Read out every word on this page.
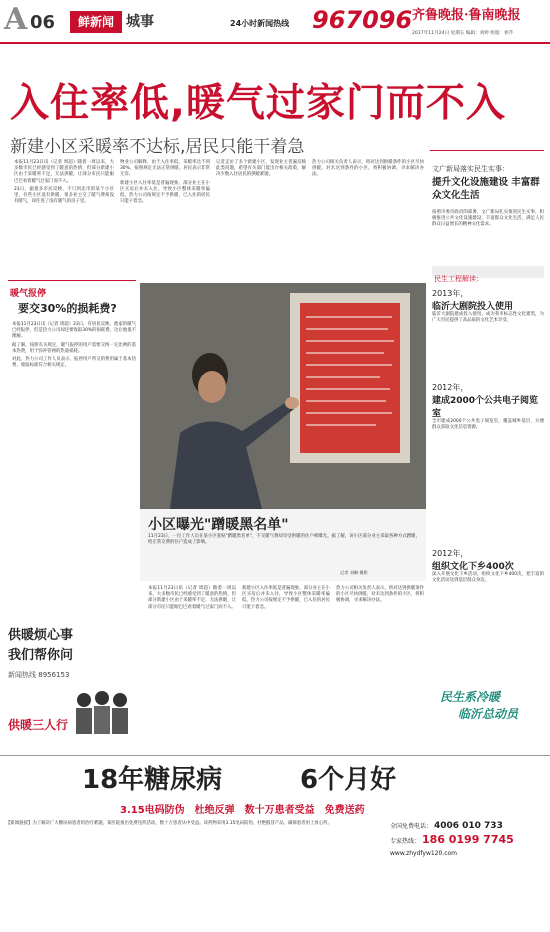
A 06	鲜新闻 城事	24小时新闻热线 967096 齐鲁晚报·鲁南晚报
2017年11月24日 星期五 编辑：刘婷 组版：侯芹
入住率低,暖气过家门而不入
新建小区采暖率不达标,居民只能干着急

本报11月23日讯（记者 周超）随着一周以来，大多数市民已经感受到了暖意的热情，但部分新建小区由于采暖率不足，无法供暖，让部分市民只能眼巴巴看着暖气过家门而不入。

23日，据很多市民反映，不只到北市的某个小区里，有些小区没有供暖，很多业主交了暖气费却没有暖气，却住进了没有暖气的房子里。

物业公司解释，由于入住率低，采暖率达不到30%，按照规定无法正常供暖。居民表示非常无奈。

新建小区入住率低是普遍现象，部分业主在小区买房后并未入住，导致小区整体采暖率偏低，热力公司按规定不予供暖，已入住的居民只能干着急。

记者走访了多个新建小区，发现业主普遍反映此类问题，希望有关部门能出台相关政策，解决少数入住居民的供暖难题。

热力公司相关负责人表示，将对达到供暖条件的小区尽快供暖，对未达到条件的小区，将积极协调，寻求解决办法。

暖气报停
要交30%的损耗费?

本报11月23日讯（记者 周超）23日，有居民反映，他家的暖气已经报停，但是热力公司却还要收取30%的损耗费，这让他很不理解。

据了解，按照有关规定，暖气报停的用户需要交纳一定比例的基本热费，用于弥补管网的热量损耗。

对此，热力公司工作人员表示，报停用户所交的费用属于基本热费，收取标准符合相关规定。

小区曝光"蹭暖黑名单"
11月23日，一位工作人员在某小区张贴"蹭暖黑名单"，不交暖气费却享受供暖的住户被曝光。据了解，该小区部分业主采取各种方式蹭暖，给正常交费的住户造成了影响。
记者 刘琳 摄影

本报11月23日讯（记者 周超）随着一周以来，大多数市民已经感受到了暖意的热情，但部分新建小区由于采暖率不足，无法供暖，让部分市民只能眼巴巴看着暖气过家门而不入。

新建小区入住率低是普遍现象，部分业主在小区买房后并未入住，导致小区整体采暖率偏低，热力公司按规定不予供暖，已入住的居民只能干着急。

热力公司相关负责人表示，将对达到供暖条件的小区尽快供暖，对未达到条件的小区，将积极协调，寻求解决办法。

供暖烦心事
我们帮你问
新闻热线 8956153
供暖三人行
文广新局落实民生实事：
提升文化设施建设 丰富群众文化生活
按照市委市政府的部署，文广新局扎实推进民生实事，积极推进公共文化设施建设，丰富群众文化生活，满足人民群众日益增长的精神文化需求。
民生工程解读：
2013年，
临沂大剧院投入使用
临沂大剧院建成投入使用，成为我市标志性文化建筑，为广大市民提供了高品质的文化艺术享受。
2012年，
建成2000个公共电子阅览室
全市建成2000个公共电子阅览室，覆盖城乡基层，方便群众获取文化信息资源。
2012年，
组织文化下乡400次
深入开展文化下乡活动，组织文化下乡400次，把丰富的文化活动送到基层群众身边。
民生系冷暖
临沂总动员
18年糖尿病	6个月好
3.15电码防伪　杜绝反弹　数十万患者受益　免费送药
【新闻链接】为了解决广大糖尿病患者的治疗难题，某医院推出免费送药活动，数十万患者从中受益。该药物采用3.15电码防伪，杜绝假冒产品，确保患者用上放心药。	全国免费电话： 4006 010 733
专家热线： 186 0199 7745
www.zhydfyw120.com
